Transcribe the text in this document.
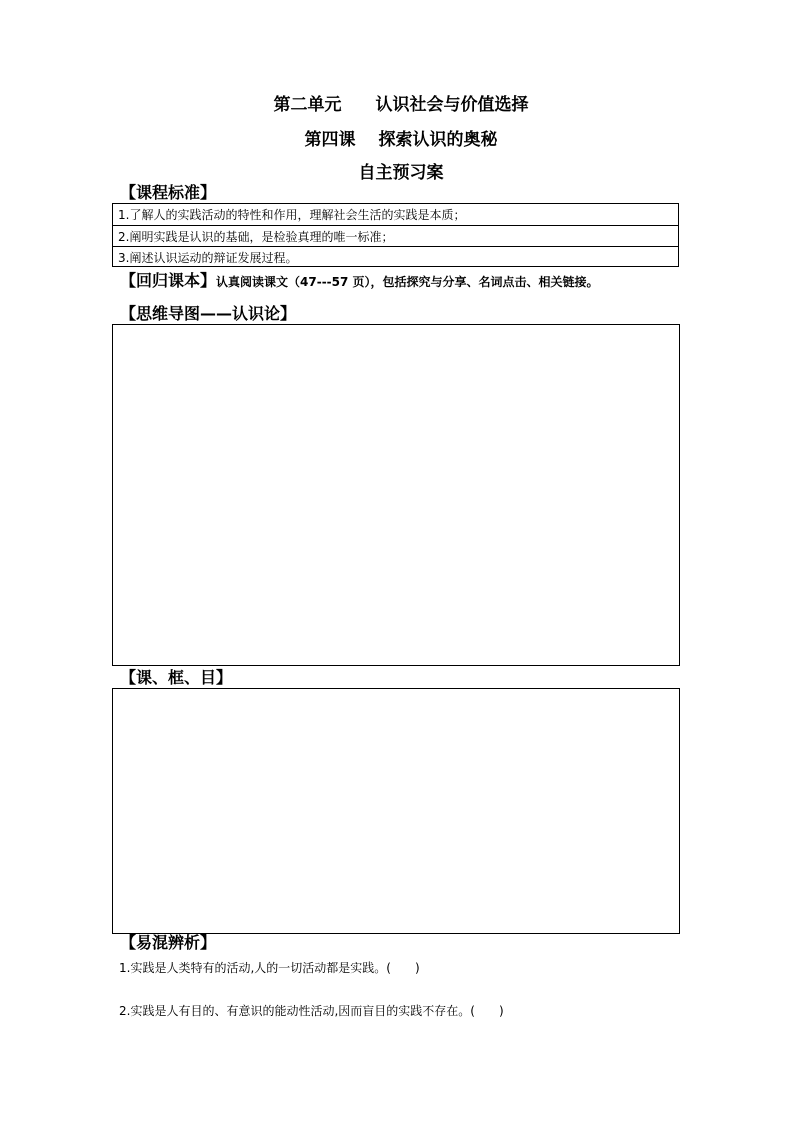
第二单元　　认识社会与价值选择
第四课　 探索认识的奥秘
自主预习案
【课程标准】
1.了解人的实践活动的特性和作用，理解社会生活的实践是本质；
2.阐明实践是认识的基础，是检验真理的唯一标准；
3.阐述认识运动的辩证发展过程。
【回归课本】认真阅读课文（47---57 页），包括探究与分享、名词点击、相关链接。
【思维导图——认识论】
【课、框、目】
【易混辨析】
1.实践是人类特有的活动,人的一切活动都是实践。(　　)
2.实践是人有目的、有意识的能动性活动,因而盲目的实践不存在。(　　)
